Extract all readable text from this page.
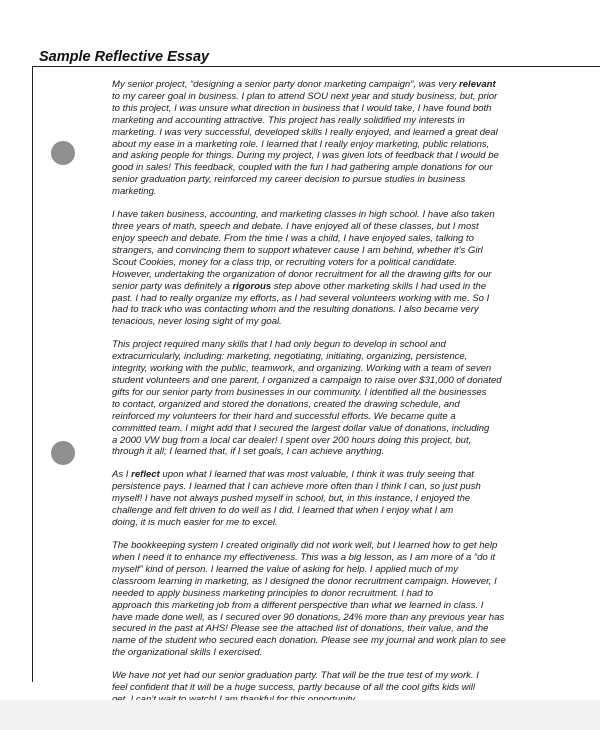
Sample Reflective Essay

My senior project, “designing a senior party donor marketing campaign”, was very relevant
to my career goal in business. I plan to attend SOU next year and study business, but, prior
to this project, I was unsure what direction in business that I would take, I have found both
marketing and accounting attractive. This project has really solidified my interests in
marketing. I was very successful, developed skills I really enjoyed, and learned a great deal
about my ease in a marketing role. I learned that I really enjoy marketing, public relations,
and asking people for things. During my project, I was given lots of feedback that I would be
good in sales! This feedback, coupled with the fun I had gathering ample donations for our
senior graduation party, reinforced my career decision to pursue studies in business
marketing.

I have taken business, accounting, and marketing classes in high school. I have also taken
three years of math, speech and debate. I have enjoyed all of these classes, but I most
enjoy speech and debate. From the time I was a child, I have enjoyed sales, talking to
strangers, and convincing them to support whatever cause I am behind, whether it’s Girl
Scout Cookies, money for a class trip, or recruiting voters for a political candidate.
However, undertaking the organization of donor recruitment for all the drawing gifts for our
senior party was definitely a rigorous step above other marketing skills I had used in the
past. I had to really organize my efforts, as I had several volunteers working with me. So I
had to track who was contacting whom and the resulting donations. I also became very
tenacious, never losing sight of my goal.

This project required many skills that I had only begun to develop in school and
extracurricularly, including: marketing, negotiating, initiating, organizing, persistence,
integrity, working with the public, teamwork, and organizing. Working with a team of seven
student volunteers and one parent, I organized a campaign to raise over $31,000 of donated
gifts for our senior party from businesses in our community. I identified all the businesses
to contact, organized and stored the donations, created the drawing schedule, and
reinforced my volunteers for their hard and successful efforts. We became quite a
committed team. I might add that I secured the largest dollar value of donations, including
a 2000 VW bug from a local car dealer! I spent over 200 hours doing this project, but,
through it all; I learned that, if I set goals, I can achieve anything.

As I reflect upon what I learned that was most valuable, I think it was truly seeing that
persistence pays. I learned that I can achieve more often than I think I can, so just push
myself! I have not always pushed myself in school, but, in this instance, I enjoyed the
challenge and felt driven to do well as I did. I learned that when I enjoy what I am
doing, it is much easier for me to excel.

The bookkeeping system I created originally did not work well, but I learned how to get help
when I need it to enhance my effectiveness. This was a big lesson, as I am more of a “do it
myself” kind of person. I learned the value of asking for help. I applied much of my
classroom learning in marketing, as I designed the donor recruitment campaign. However, I
needed to apply business marketing principles to donor recruitment. I had to
approach this marketing job from a different perspective than what we learned in class. I
have made done well, as I secured over 90 donations, 24% more than any previous year has
secured in the past at AHS! Please see the attached list of donations, their value, and the
name of the student who secured each donation. Please see my journal and work plan to see
the organizational skills I exercised.

We have not yet had our senior graduation party. That will be the true test of my work. I
feel confident that it will be a huge success, partly because of all the cool gifts kids will
